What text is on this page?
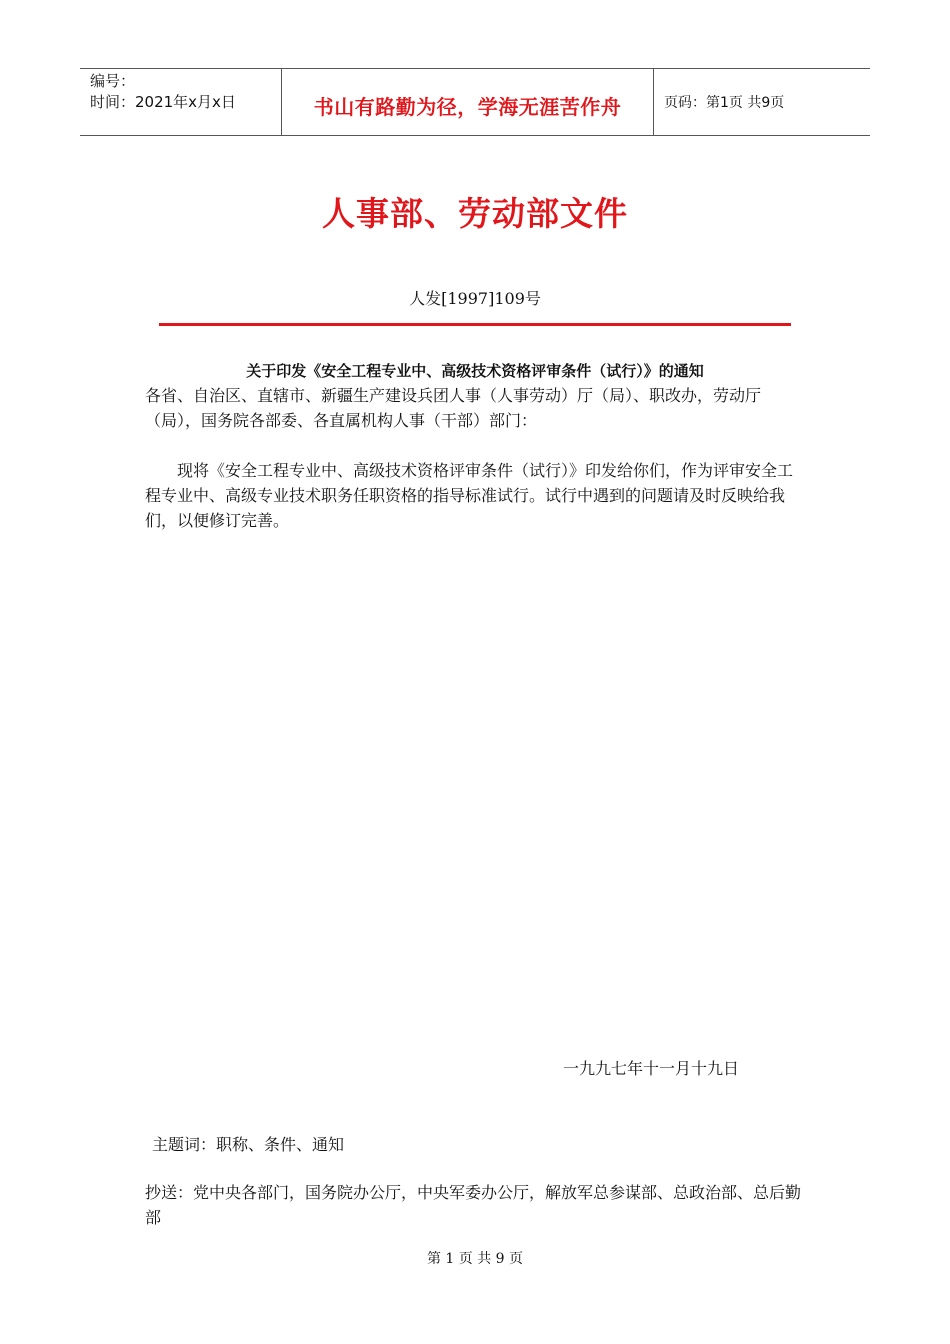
编号：
时间：2021年x月x日	书山有路勤为径，学海无涯苦作舟	页码：第1页 共9页
人事部、劳动部文件
人发[1997]109号
关于印发《安全工程专业中、高级技术资格评审条件（试行）》的通知
各省、自治区、直辖市、新疆生产建设兵团人事（人事劳动）厅（局）、职改办，劳动厅（局），国务院各部委、各直属机构人事（干部）部门：
现将《安全工程专业中、高级技术资格评审条件（试行）》印发给你们，作为评审安全工程专业中、高级专业技术职务任职资格的指导标准试行。试行中遇到的问题请及时反映给我们，以便修订完善。
一九九七年十一月十九日
主题词：职称、条件、通知
抄送：党中央各部门，国务院办公厅，中央军委办公厅，解放军总参谋部、总政治部、总后勤部
第 1 页 共 9 页
